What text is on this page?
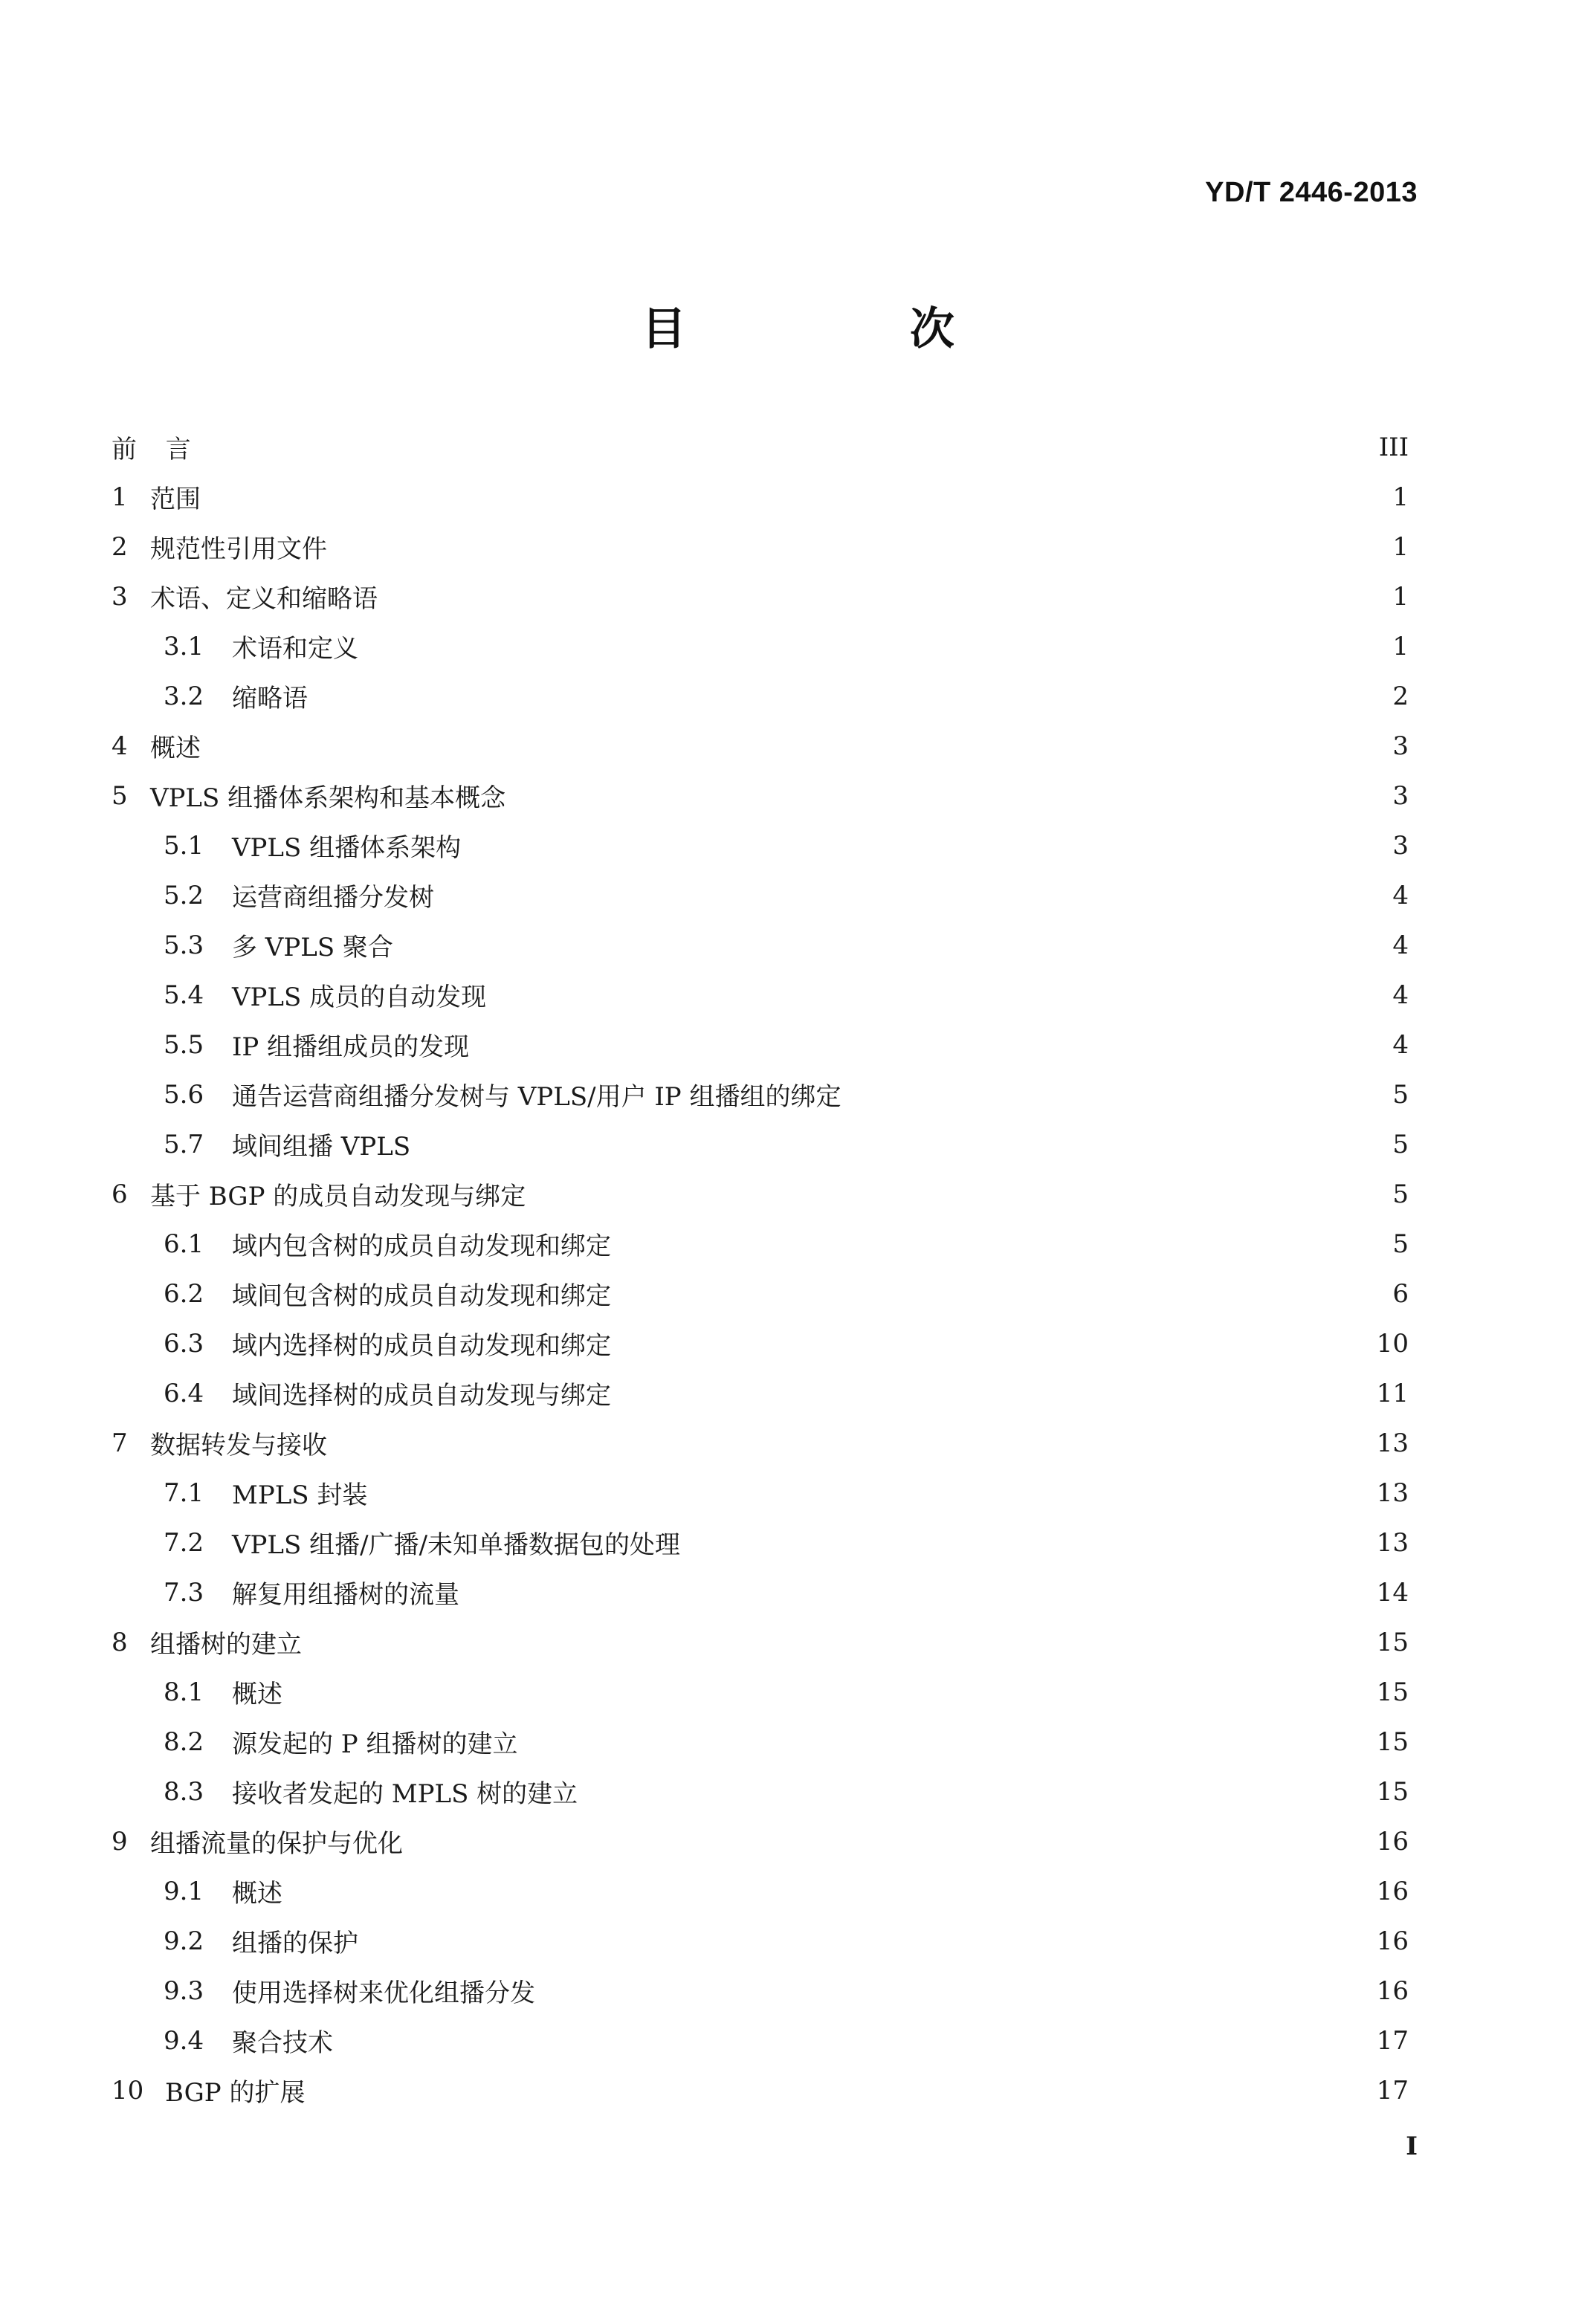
YD/T 2446-2013
目 次
前 言	III
1 范围	1
2 规范性引用文件	1
3 术语、定义和缩略语	1
3.1	术语和定义	1
3.2	缩略语	2
4 概述	3
5 VPLS 组播体系架构和基本概念	3
5.1	VPLS 组播体系架构	3
5.2	运营商组播分发树	4
5.3	多 VPLS 聚合	4
5.4	VPLS 成员的自动发现	4
5.5	IP 组播组成员的发现	4
5.6	通告运营商组播分发树与 VPLS/用户 IP 组播组的绑定	5
5.7	域间组播 VPLS	5
6 基于 BGP 的成员自动发现与绑定	5
6.1	域内包含树的成员自动发现和绑定	5
6.2	域间包含树的成员自动发现和绑定	6
6.3	域内选择树的成员自动发现和绑定	10
6.4	域间选择树的成员自动发现与绑定	11
7 数据转发与接收	13
7.1	MPLS 封装	13
7.2	VPLS 组播/广播/未知单播数据包的处理	13
7.3	解复用组播树的流量	14
8 组播树的建立	15
8.1	概述	15
8.2	源发起的 P 组播树的建立	15
8.3	接收者发起的 MPLS 树的建立	15
9 组播流量的保护与优化	16
9.1	概述	16
9.2	组播的保护	16
9.3	使用选择树来优化组播分发	16
9.4	聚合技术	17
10 BGP 的扩展	17
I
